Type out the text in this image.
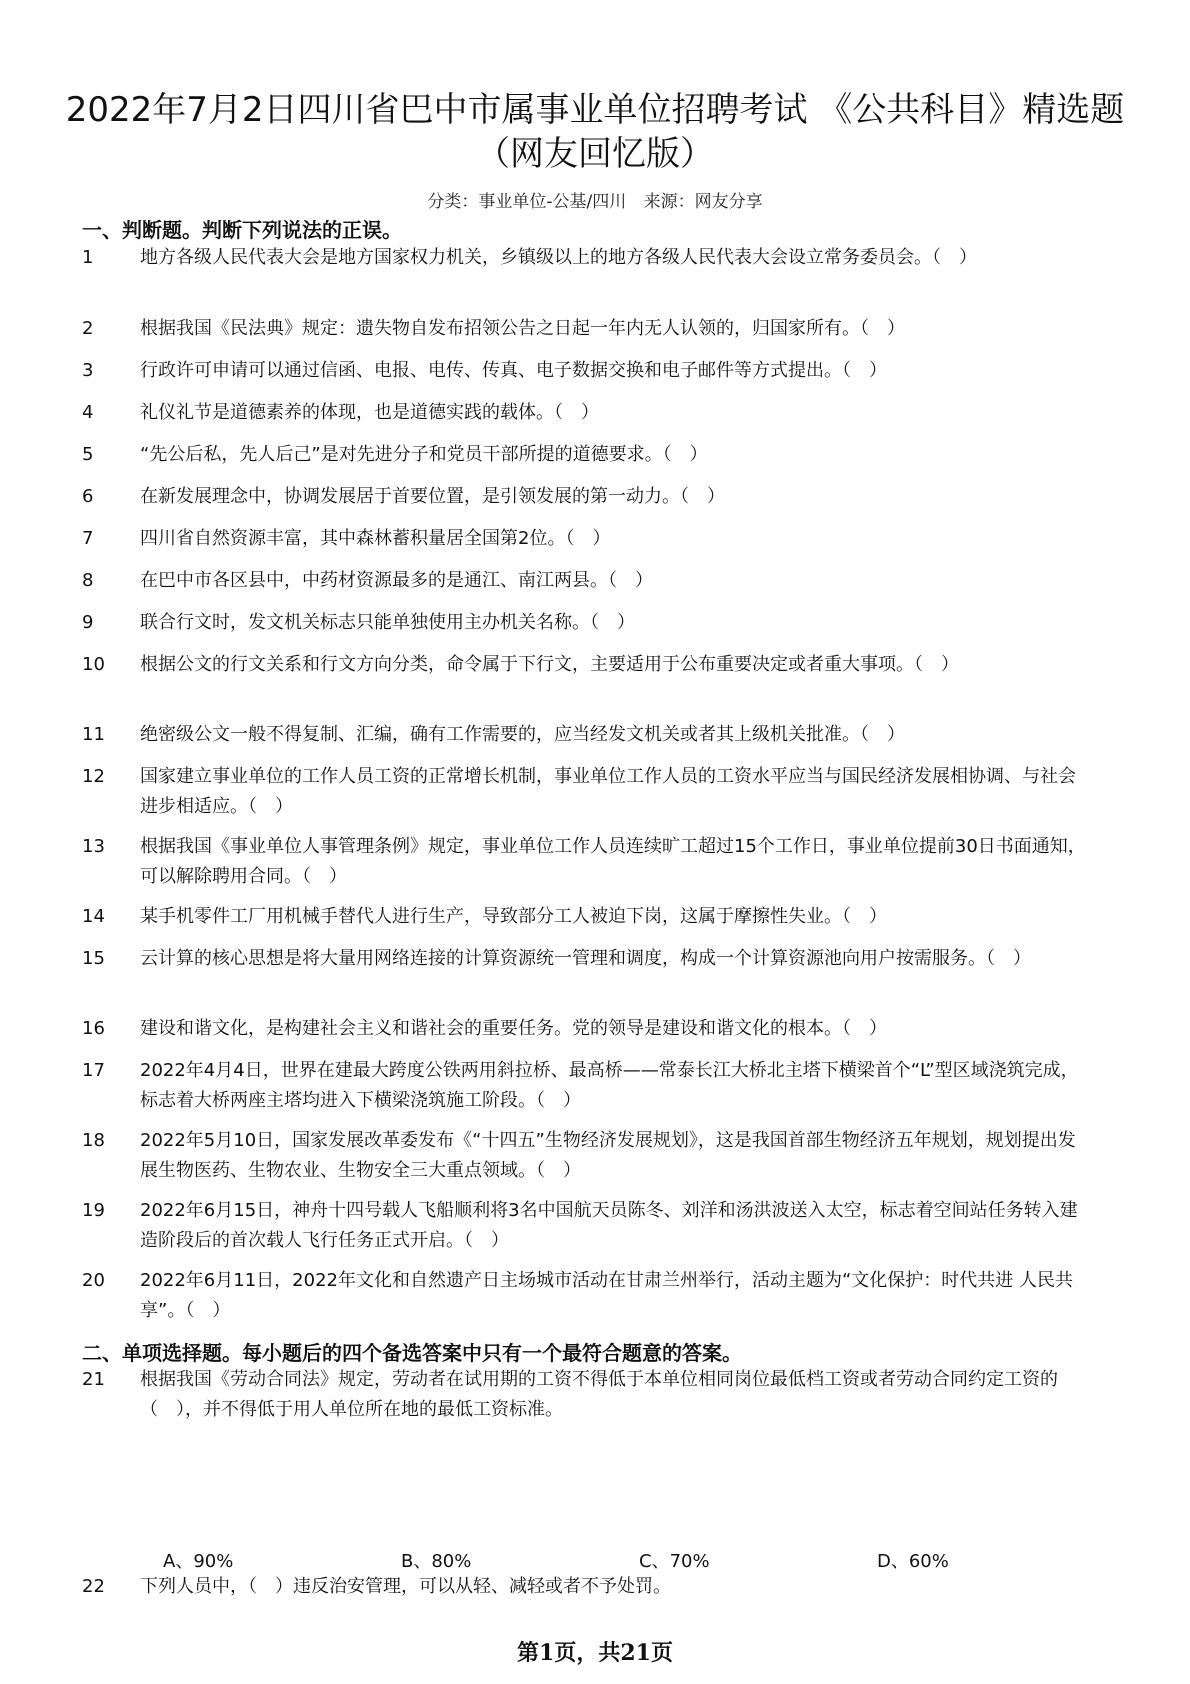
2022年7月2日四川省巴中市属事业单位招聘考试 《公共科目》精选题（网友回忆版）
分类：事业单位-公基/四川 来源：网友分享
一、判断题。判断下列说法的正误。
1	地方各级人民代表大会是地方国家权力机关，乡镇级以上的地方各级人民代表大会设立常务委员会。（　）
2	根据我国《民法典》规定：遗失物自发布招领公告之日起一年内无人认领的，归国家所有。（　）
3	行政许可申请可以通过信函、电报、电传、传真、电子数据交换和电子邮件等方式提出。（　）
4	礼仪礼节是道德素养的体现，也是道德实践的载体。（　）
5	“先公后私，先人后己”是对先进分子和党员干部所提的道德要求。（　）
6	在新发展理念中，协调发展居于首要位置，是引领发展的第一动力。（　）
7	四川省自然资源丰富，其中森林蓄积量居全国第2位。（　）
8	在巴中市各区县中，中药材资源最多的是通江、南江两县。（　）
9	联合行文时，发文机关标志只能单独使用主办机关名称。（　）
10	根据公文的行文关系和行文方向分类，命令属于下行文，主要适用于公布重要决定或者重大事项。（　）
11	绝密级公文一般不得复制、汇编，确有工作需要的，应当经发文机关或者其上级机关批准。（　）
12	国家建立事业单位的工作人员工资的正常增长机制，事业单位工作人员的工资水平应当与国民经济发展相协调、与社会进步相适应。（　）
13	根据我国《事业单位人事管理条例》规定，事业单位工作人员连续旷工超过15个工作日，事业单位提前30日书面通知，可以解除聘用合同。（　）
14	某手机零件工厂用机械手替代人进行生产，导致部分工人被迫下岗，这属于摩擦性失业。（　）
15	云计算的核心思想是将大量用网络连接的计算资源统一管理和调度，构成一个计算资源池向用户按需服务。（　）
16	建设和谐文化，是构建社会主义和谐社会的重要任务。党的领导是建设和谐文化的根本。（　）
17	2022年4月4日，世界在建最大跨度公铁两用斜拉桥、最高桥——常泰长江大桥北主塔下横梁首个“L”型区域浇筑完成，标志着大桥两座主塔均进入下横梁浇筑施工阶段。（　）
18	2022年5月10日，国家发展改革委发布《“十四五”生物经济发展规划》，这是我国首部生物经济五年规划，规划提出发展生物医药、生物农业、生物安全三大重点领域。（　）
19	2022年6月15日，神舟十四号载人飞船顺利将3名中国航天员陈冬、刘洋和汤洪波送入太空，标志着空间站任务转入建造阶段后的首次载人飞行任务正式开启。（　）
20	2022年6月11日，2022年文化和自然遗产日主场城市活动在甘肃兰州举行，活动主题为“文化保护：时代共进 人民共享”。（　）
二、单项选择题。每小题后的四个备选答案中只有一个最符合题意的答案。
21	根据我国《劳动合同法》规定，劳动者在试用期的工资不得低于本单位相同岗位最低档工资或者劳动合同约定工资的（　），并不得低于用人单位所在地的最低工资标准。
A、90%	B、80%	C、70%	D、60%
22	下列人员中，（　）违反治安管理，可以从轻、减轻或者不予处罚。
第1页，共21页
